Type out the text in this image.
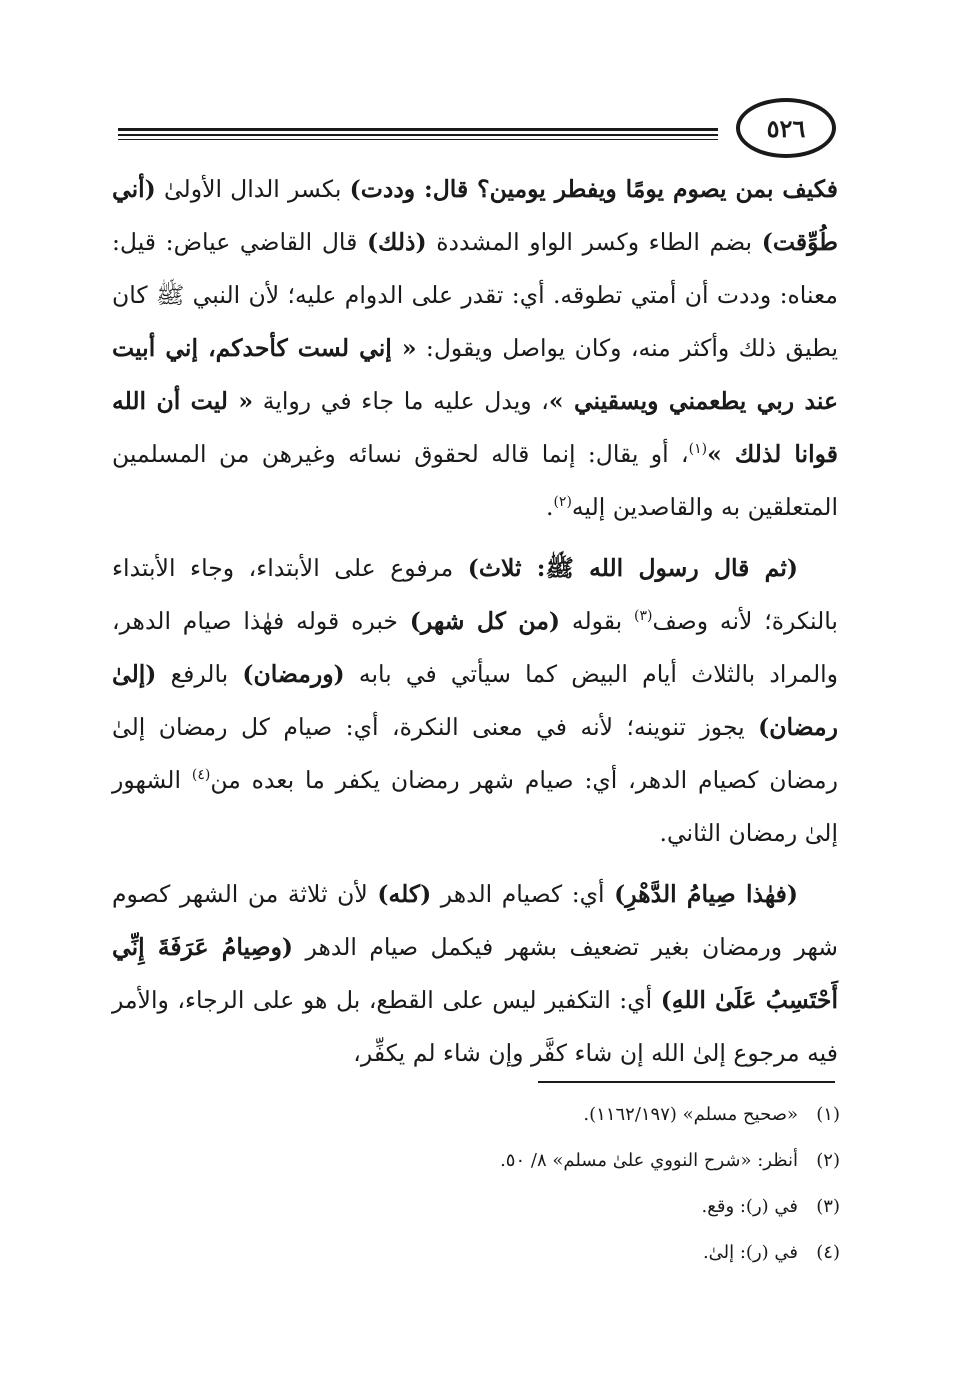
٥٢٦

فكيف بمن يصوم يومًا ويفطر يومين؟ قال: وددت) بكسر الدال الأولىٰ (أني طُوِّقت) بضم الطاء وكسر الواو المشددة (ذلك) قال القاضي عياض: قيل: معناه: وددت أن أمتي تطوقه. أي: تقدر على الدوام عليه؛ لأن النبي ﷺ كان يطيق ذلك وأكثر منه، وكان يواصل ويقول: « إني لست كأحدكم، إني أبيت عند ربي يطعمني ويسقيني »، ويدل عليه ما جاء في رواية « ليت أن الله قوانا لذلك »$^{(١)}$، أو يقال: إنما قاله لحقوق نسائه وغيرهن من المسلمين المتعلقين به والقاصدين إليه$^{(٢)}$.

(ثم قال رسول الله ﷺ: ثلاث) مرفوع على الأبتداء، وجاء الأبتداء بالنكرة؛ لأنه وصف$^{(٣)}$ بقوله (من كل شهر) خبره قوله فهٰذا صيام الدهر، والمراد بالثلاث أيام البيض كما سيأتي في بابه (ورمضان) بالرفع (إلىٰ رمضان) يجوز تنوينه؛ لأنه في معنى النكرة، أي: صيام كل رمضان إلىٰ رمضان كصيام الدهر، أي: صيام شهر رمضان يكفر ما بعده من$^{(٤)}$ الشهور إلىٰ رمضان الثاني.

(فهٰذا صِيامُ الدَّهْرِ) أي: كصيام الدهر (كله) لأن ثلاثة من الشهر كصوم شهر ورمضان بغير تضعيف بشهر فيكمل صيام الدهر (وصِيامُ عَرَفَةَ إِنِّي أَحْتَسِبُ عَلَىٰ اللهِ) أي: التكفير ليس على القطع، بل هو على الرجاء، والأمر فيه مرجوع إلىٰ الله إن شاء كفَّر وإن شاء لم يكفِّر،

(١)«صحيح مسلم» (١١٦٢/١٩٧).
(٢)أنظر: «شرح النووي علىٰ مسلم» ٨/ ٥٠.
(٣)في (ر): وقع.
(٤)في (ر): إلىٰ.
